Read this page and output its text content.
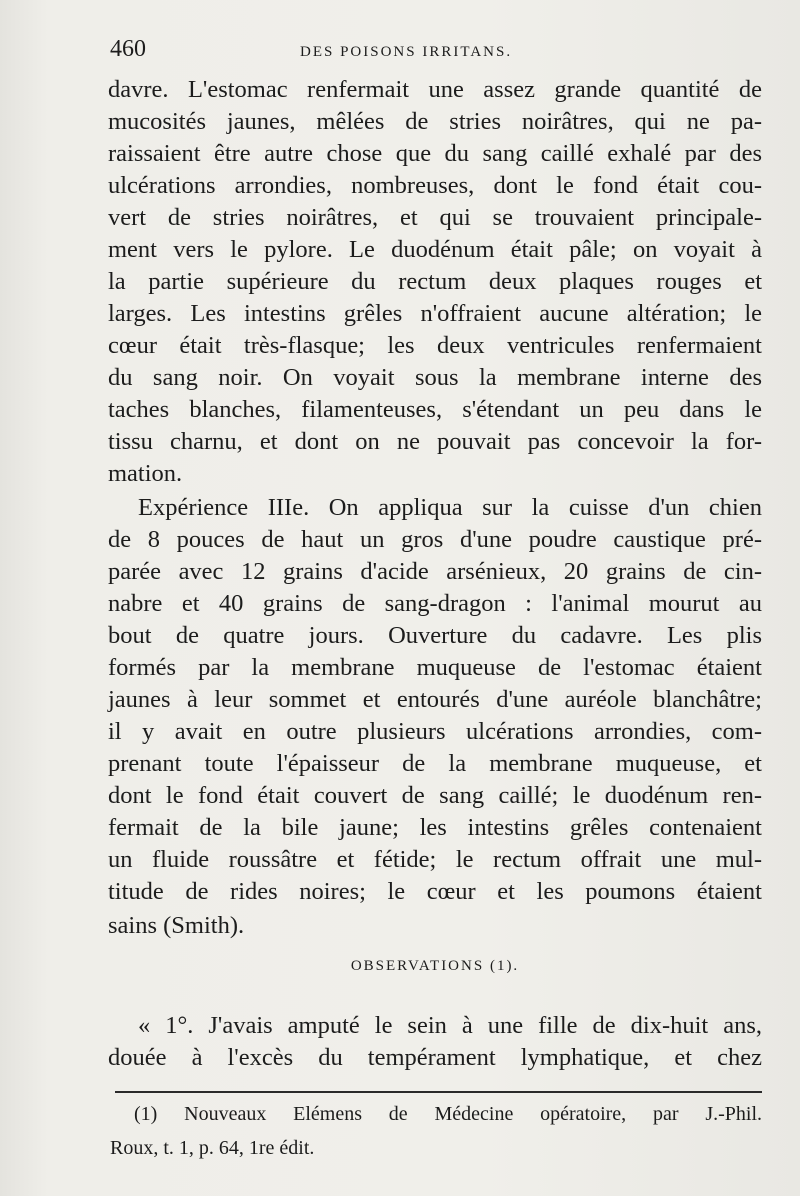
460	DES POISONS IRRITANS.
davre. L'estomac renfermait une assez grande quantité de
mucosités jaunes, mêlées de stries noirâtres, qui ne pa-
raissaient être autre chose que du sang caillé exhalé par des
ulcérations arrondies, nombreuses, dont le fond était cou-
vert de stries noirâtres, et qui se trouvaient principale-
ment vers le pylore. Le duodénum était pâle; on voyait à
la partie supérieure du rectum deux plaques rouges et
larges. Les intestins grêles n'offraient aucune altération; le
cœur était très-flasque; les deux ventricules renfermaient
du sang noir. On voyait sous la membrane interne des
taches blanches, filamenteuses, s'étendant un peu dans le
tissu charnu, et dont on ne pouvait pas concevoir la for-
mation.
Expérience IIIe. On appliqua sur la cuisse d'un chien
de 8 pouces de haut un gros d'une poudre caustique pré-
parée avec 12 grains d'acide arsénieux, 20 grains de cin-
nabre et 40 grains de sang-dragon : l'animal mourut au
bout de quatre jours. Ouverture du cadavre. Les plis
formés par la membrane muqueuse de l'estomac étaient
jaunes à leur sommet et entourés d'une auréole blanchâtre;
il y avait en outre plusieurs ulcérations arrondies, com-
prenant toute l'épaisseur de la membrane muqueuse, et
dont le fond était couvert de sang caillé; le duodénum ren-
fermait de la bile jaune; les intestins grêles contenaient
un fluide roussâtre et fétide; le rectum offrait une mul-
titude de rides noires; le cœur et les poumons étaient
sains (Smith).
OBSERVATIONS (1).
« 1°. J'avais amputé le sein à une fille de dix-huit ans,
douée à l'excès du tempérament lymphatique, et chez
(1) Nouveaux Elémens de Médecine opératoire, par J.-Phil.
Roux, t. 1, p. 64, 1re édit.
